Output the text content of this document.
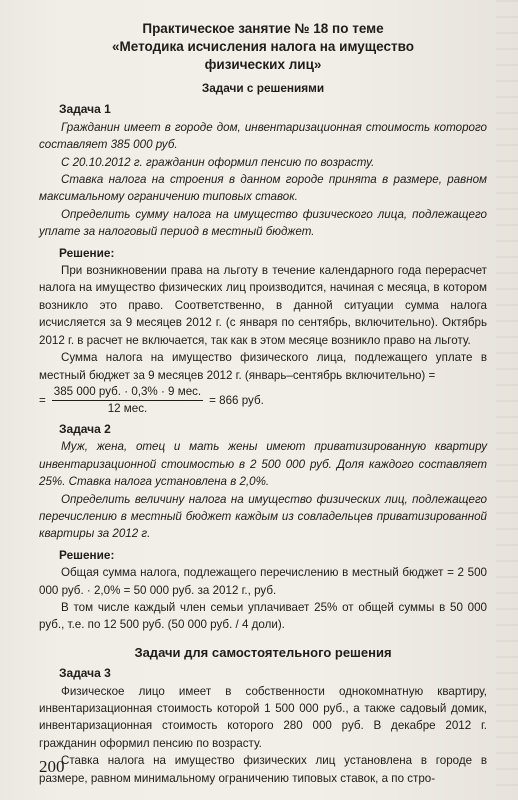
Практическое занятие № 18 по теме
«Методика исчисления налога на имущество
физических лиц»
Задачи с решениями
Задача 1

Гражданин имеет в городе дом, инвентаризационная стоимость которого составляет 385 000 руб.

С 20.10.2012 г. гражданин оформил пенсию по возрасту.

Ставка налога на строения в данном городе принята в размере, равном максимальному ограничению типовых ставок.

Определить сумму налога на имущество физического лица, подлежащего уплате за налоговый период в местный бюджет.

Решение:

При возникновении права на льготу в течение календарного года перерасчет налога на имущество физических лиц производится, начиная с месяца, в котором возникло это право. Соответственно, в данной ситуации сумма налога исчисляется за 9 месяцев 2012 г. (с января по сентябрь, включительно). Октябрь 2012 г. в расчет не включается, так как в этом месяце возникло право на льготу.

Сумма налога на имущество физического лица, подлежащего уплате в местный бюджет за 9 месяцев 2012 г. (январь–сентябрь включительно) =

= $\frac{\text{385 000 руб. · 0,3\% · 9 мес.}}{\text{12 мес.}} = 866$ руб.
Задача 2

Муж, жена, отец и мать жены имеют приватизированную квартиру инвентаризационной стоимостью в 2 500 000 руб. Доля каждого составляет 25%. Ставка налога установлена в 2,0%.

Определить величину налога на имущество физических лиц, подлежащего перечислению в местный бюджет каждым из совладельцев приватизированной квартиры за 2012 г.

Решение:

Общая сумма налога, подлежащего перечислению в местный бюджет = 2 500 000 руб. · 2,0% = 50 000 руб. за 2012 г., руб.

В том числе каждый член семьи уплачивает 25% от общей суммы в 50 000 руб., т.е. по 12 500 руб. (50 000 руб. / 4 доли).

Задачи для самостоятельного решения
Задача 3

Физическое лицо имеет в собственности однокомнатную квартиру, инвентаризационная стоимость которой 1 500 000 руб., а также садовый домик, инвентаризационная стоимость которого 280 000 руб. В декабре 2012 г. гражданин оформил пенсию по возрасту.

Ставка налога на имущество физических лиц установлена в городе в размере, равном минимальному ограничению типовых ставок, а по стро-

200
